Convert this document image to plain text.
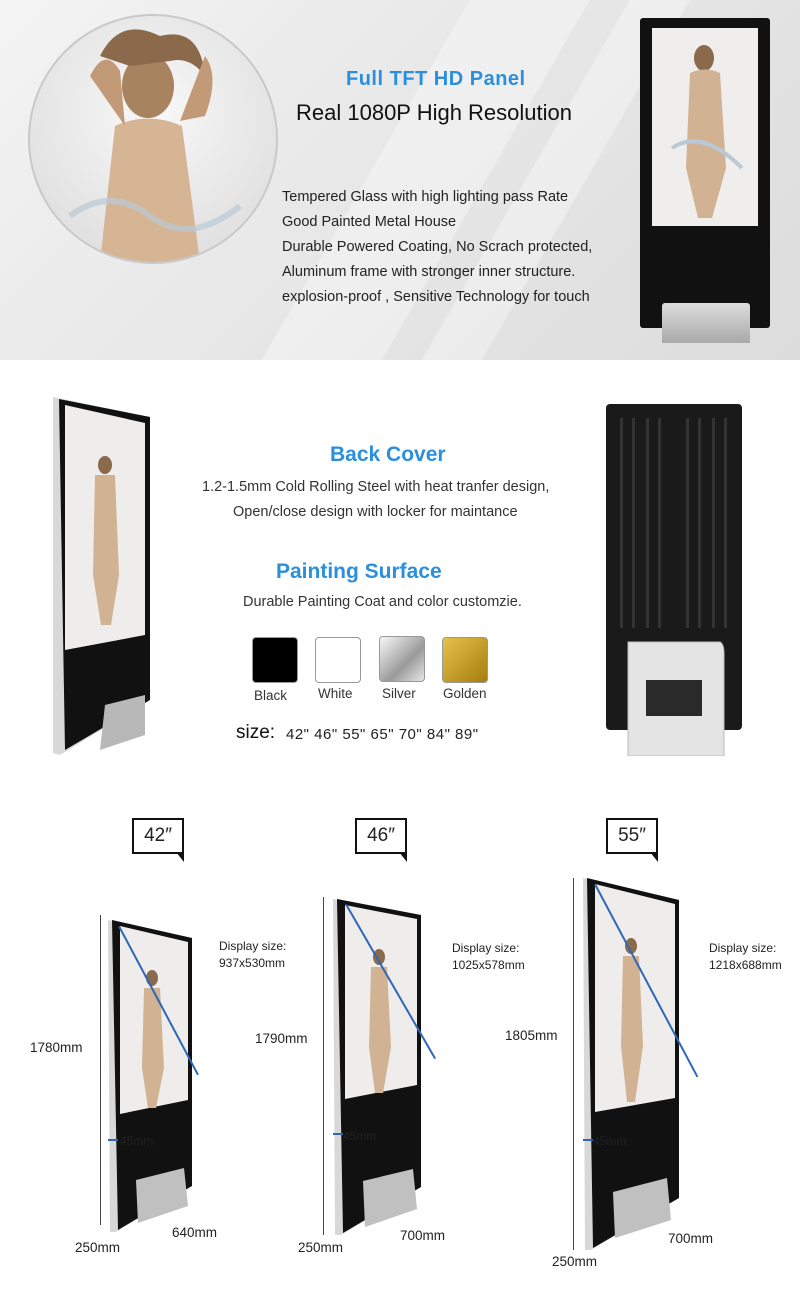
Full TFT HD Panel
Real 1080P High Resolution
Tempered Glass with high lighting pass Rate
Good Painted Metal House
Durable Powered Coating, No Scrach protected,
Aluminum frame with stronger inner structure.
explosion-proof , Sensitive Technology for touch
Back Cover
1.2-1.5mm Cold Rolling Steel with heat tranfer design,
Open/close design with locker for maintance
Painting Surface
Durable Painting Coat and color customzie.
Black White Silver Golden
size: 42" 46" 55" 65" 70" 84" 89"
42″
1780mm
Display size:
937x530mm
45mm
250mm
640mm
46″
1790mm
Display size:
1025x578mm
45mm
250mm
700mm
55″
1805mm
Display size:
1218x688mm
45mm
250mm
700mm
